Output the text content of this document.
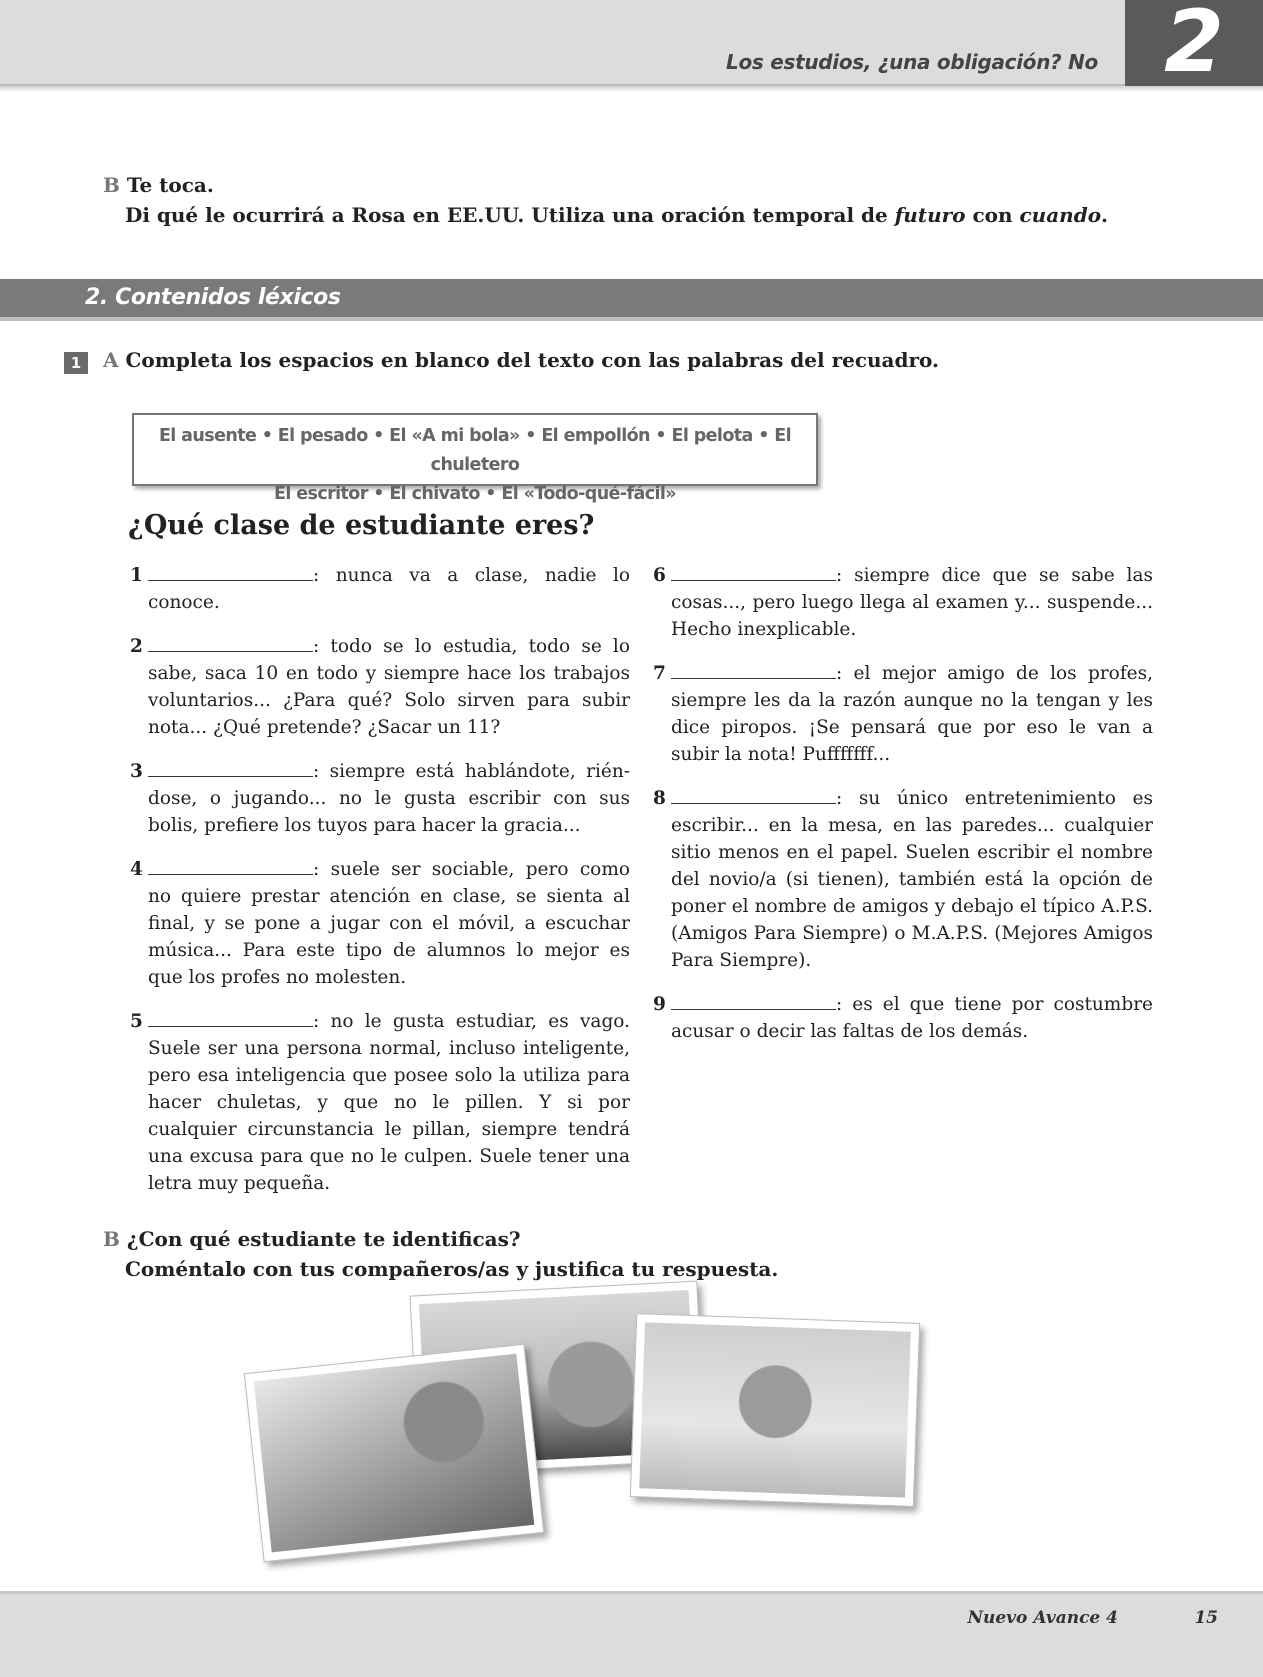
Los estudios, ¿una obligación? No 2
B Te toca.
Di qué le ocurrirá a Rosa en EE.UU. Utiliza una oración temporal de futuro con cuando.
2. Contenidos léxicos
1	A Completa los espacios en blanco del texto con las palabras del recuadro.
El ausente • El pesado • El «A mi bola» • El empollón • El pelota • El chuletero
El escritor • El chivato • El «Todo-qué-fácil»
¿Qué clase de estudiante eres?
1	: nunca va a clase, nadie lo conoce.
2	: todo se lo estudia, todo se lo sabe, saca 10 en todo y siempre hace los trabajos voluntarios... ¿Para qué? Solo sirven para subir nota... ¿Qué pretende? ¿Sacar un 11?
3	: siempre está hablándote, riéndose, o jugando... no le gusta escribir con sus bolis, prefiere los tuyos para hacer la gracia...
4	: suele ser sociable, pero como no quiere prestar atención en clase, se sienta al final, y se pone a jugar con el móvil, a escuchar música... Para este tipo de alumnos lo mejor es que los profes no molesten.
5	: no le gusta estudiar, es vago. Suele ser una persona normal, incluso inteligente, pero esa inteligencia que posee solo la utiliza para hacer chuletas, y que no le pillen. Y si por cualquier circunstancia le pillan, siempre tendrá una excusa para que no le culpen. Suele tener una letra muy pequeña.
6	: siempre dice que se sabe las cosas..., pero luego llega al examen y... suspende... Hecho inexplicable.
7	: el mejor amigo de los profes, siempre les da la razón aunque no la tengan y les dice piropos. ¡Se pensará que por eso le van a subir la nota! Pufffffff...
8	: su único entretenimiento es escribir... en la mesa, en las paredes... cualquier sitio menos en el papel. Suelen escribir el nombre del novio/a (si tienen), también está la opción de poner el nombre de amigos y debajo el típico A.P.S. (Amigos Para Siempre) o M.A.P.S. (Mejores Amigos Para Siempre).
9	: es el que tiene por costumbre acusar o decir las faltas de los demás.
B ¿Con qué estudiante te identificas?
Coméntalo con tus compañeros/as y justifica tu respuesta.
Nuevo Avance 4	15
